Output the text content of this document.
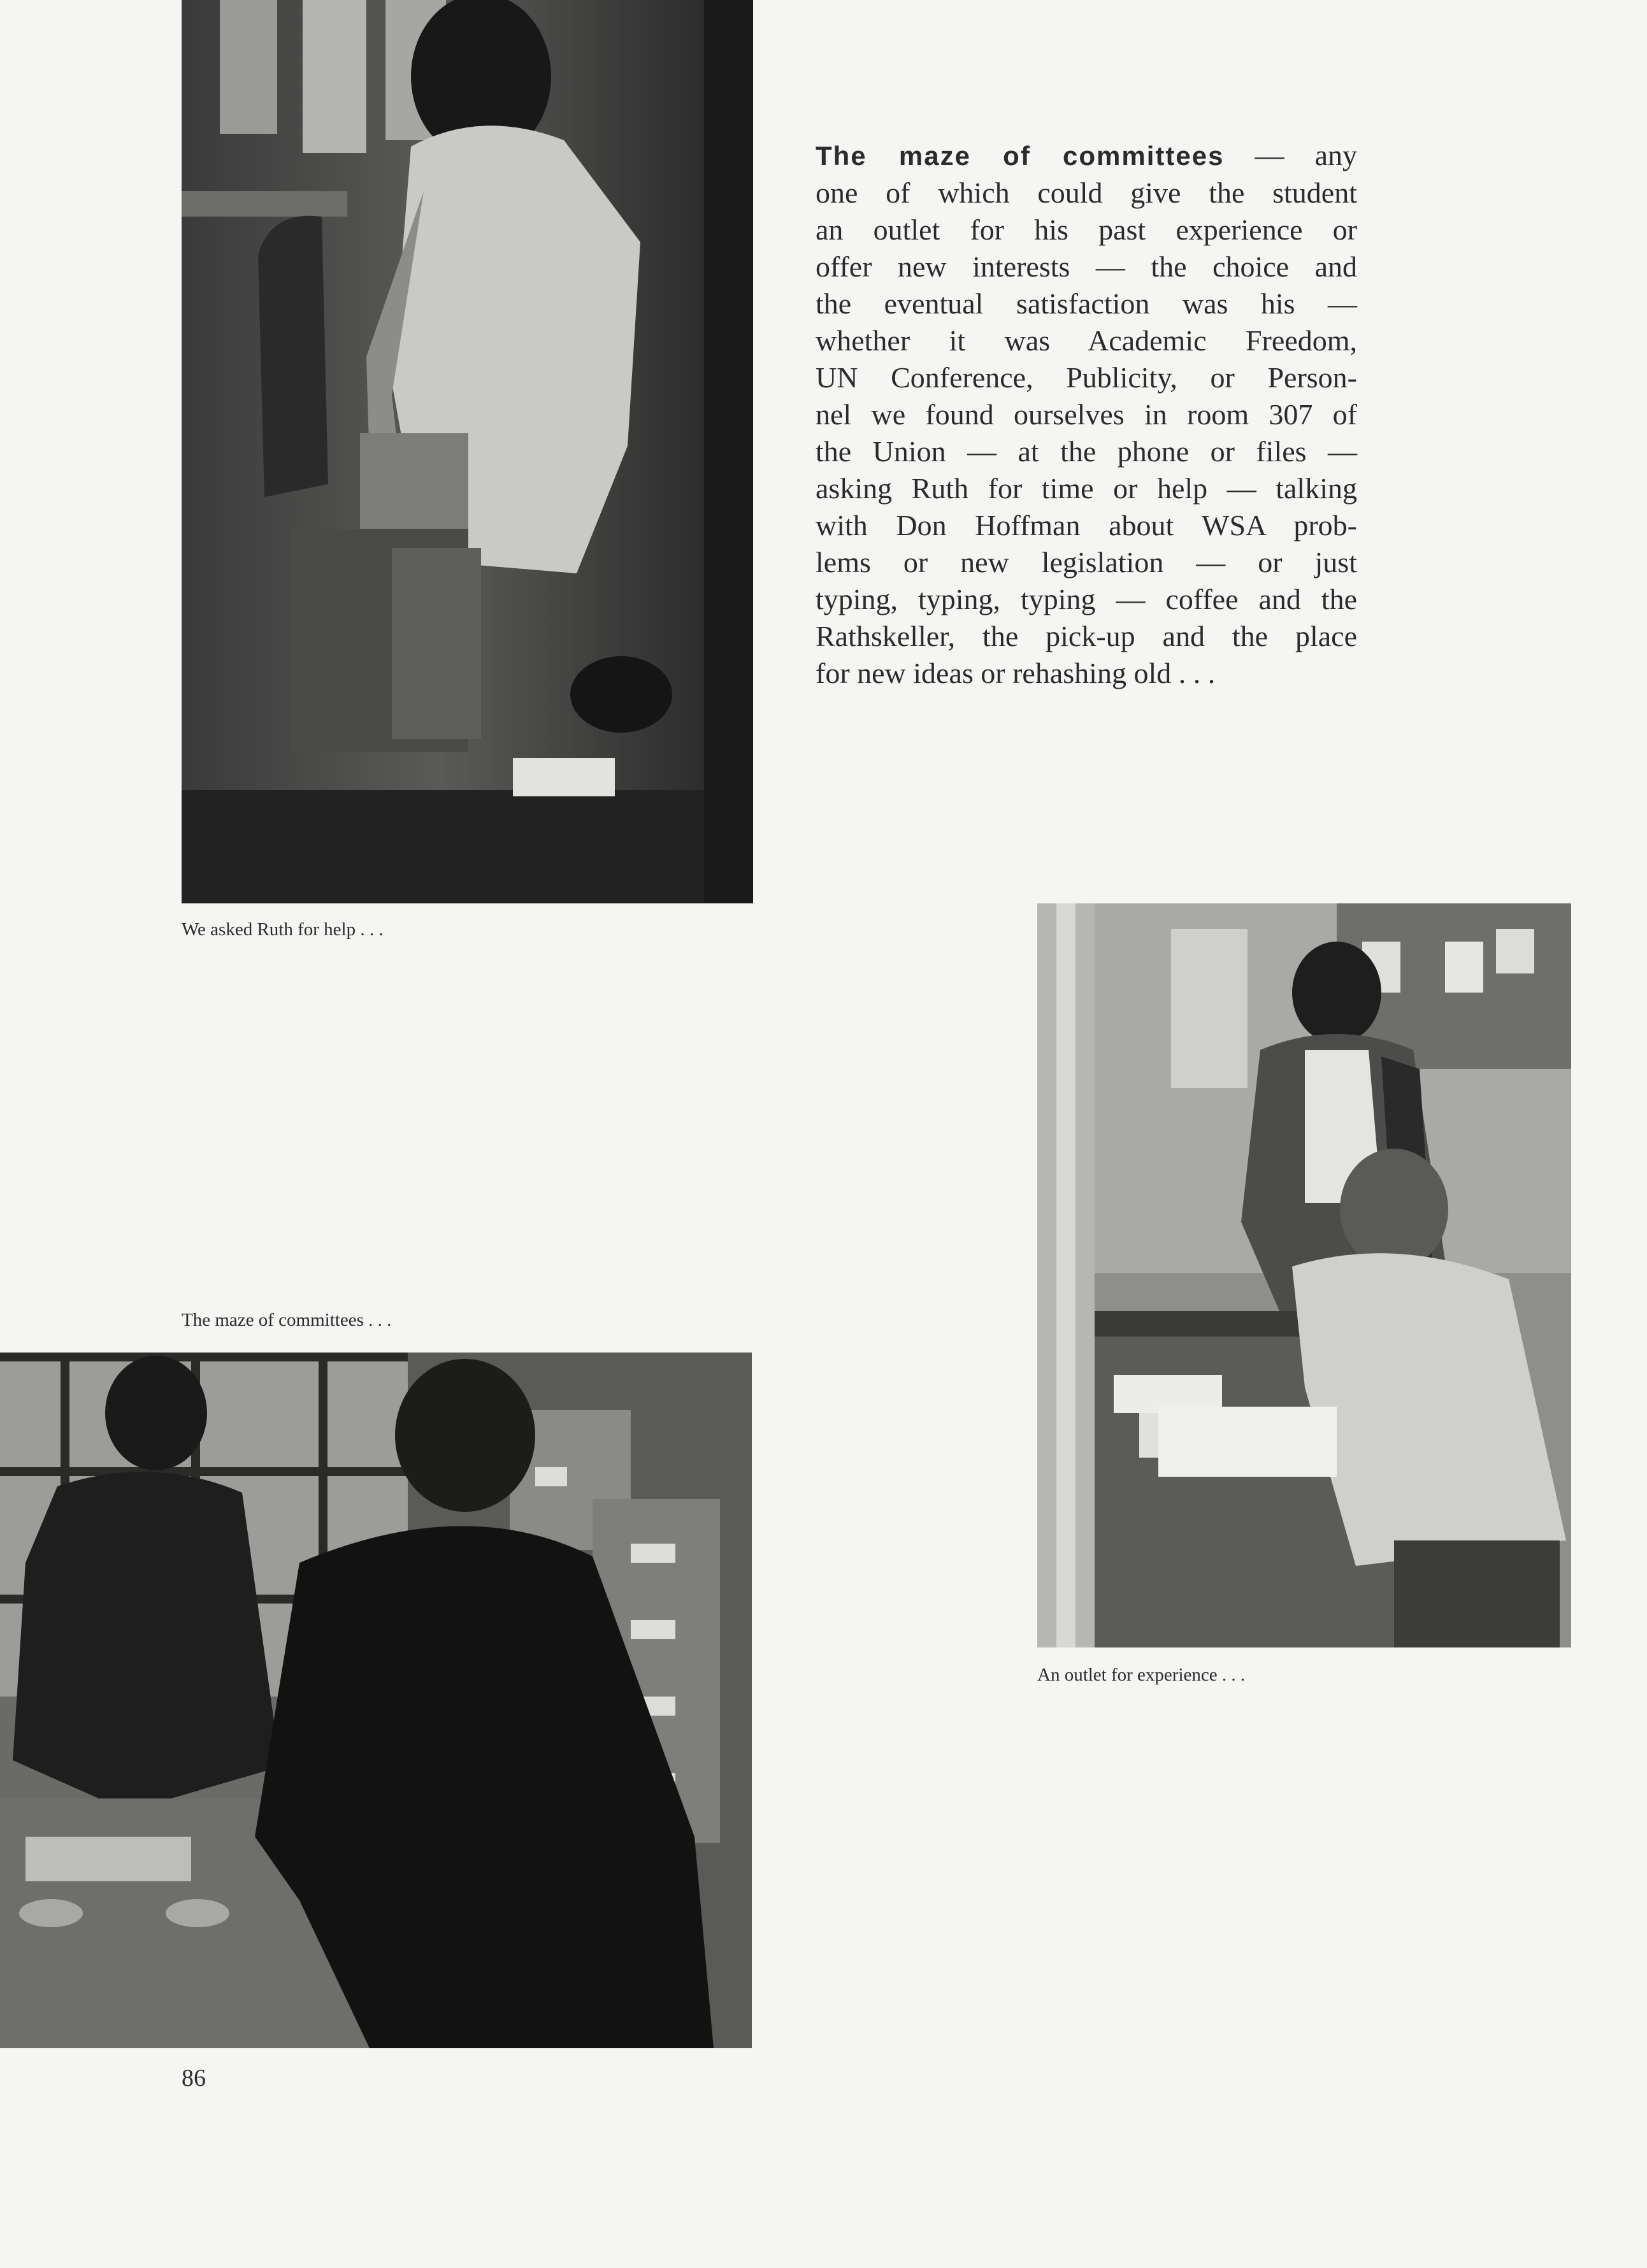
We asked Ruth for help . . .

The maze of committees — any
one of which could give the student
an outlet for his past experience or
offer new interests — the choice and
the eventual satisfaction was his —
whether it was Academic Freedom,
UN Conference, Publicity, or Person-
nel we found ourselves in room 307 of
the Union — at the phone or files —
asking Ruth for time or help — talking
with Don Hoffman about WSA prob-
lems or new legislation — or just
typing, typing, typing — coffee and the
Rathskeller, the pick-up and the place
for new ideas or rehashing old . . .

An outlet for experience . . .

The maze of committees . . .

86
